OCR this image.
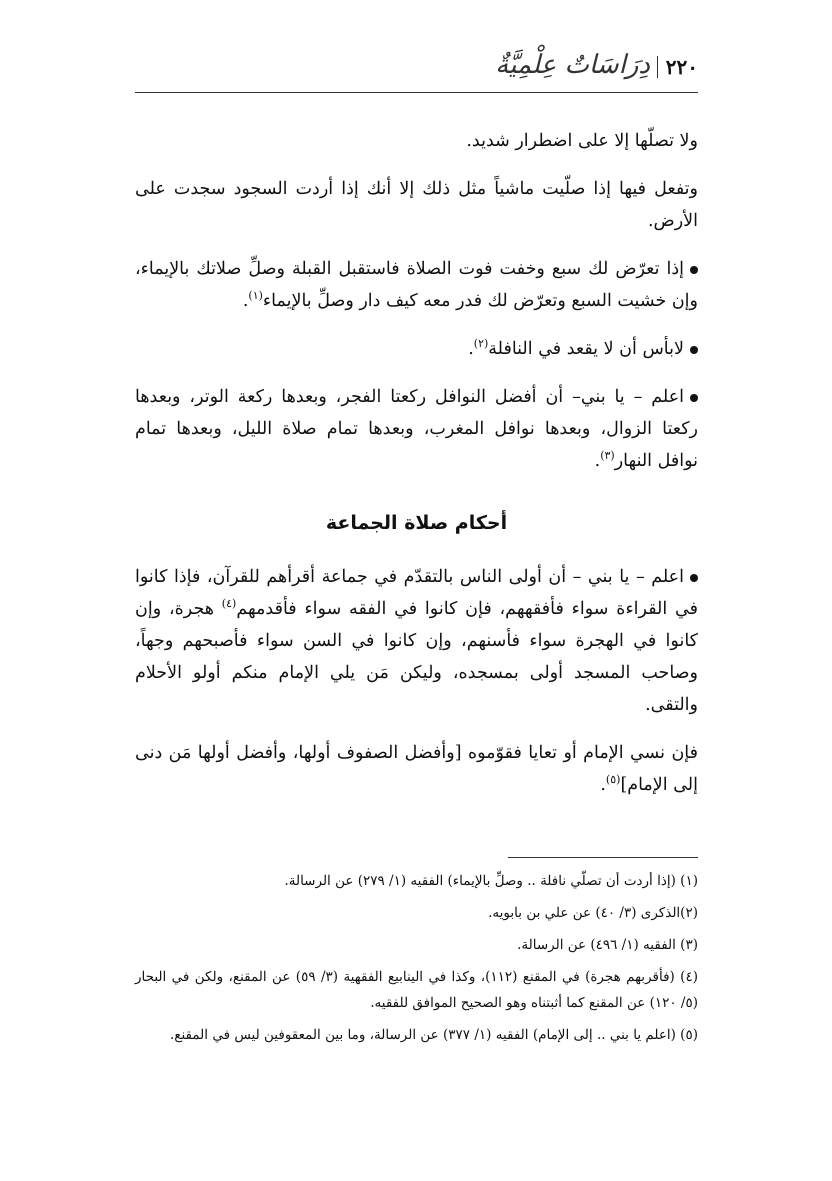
٢٢٠
دِرَاسَاتٌ عِلْمِيَّةٌ

ولا تصلّها إلا على اضطرار شديد.

وتفعل فيها إذا صلّيت ماشياً مثل ذلك إلا أنك إذا أردت السجود سجدت على الأرض.

إذا تعرّض لك سبع وخفت فوت الصلاة فاستقبل القبلة وصلِّ صلاتك بالإيماء، وإن خشيت السبع وتعرّض لك فدر معه كيف دار وصلِّ بالإيماء$^{(١)}$.

لابأس أن لا يقعد في النافلة$^{(٢)}$.

اعلم – يا بني– أن أفضل النوافل ركعتا الفجر، وبعدها ركعة الوتر، وبعدها ركعتا الزوال، وبعدها نوافل المغرب، وبعدها تمام صلاة الليل، وبعدها تمام نوافل النهار$^{(٣)}$.

أحكام صلاة الجماعة

اعلم – يا بني – أن أولى الناس بالتقدّم في جماعة أقرأهم للقرآن، فإذا كانوا في القراءة سواء فأفقههم، فإن كانوا في الفقه سواء فأقدمهم$^{(٤)}$ هجرة، وإن كانوا في الهجرة سواء فأسنهم، وإن كانوا في السن سواء فأصبحهم وجهاً، وصاحب المسجد أولى بمسجده، وليكن مَن يلي الإمام منكم أولو الأحلام والتقى.

فإن نسي الإمام أو تعايا فقوّموه [وأفضل الصفوف أولها، وأفضل أولها مَن دنى إلى الإمام]$^{(٥)}$.

(١) (إذا أردت أن تصلّي نافلة .. وصلِّ بالإيماء) الفقيه (١/ ٢٧٩) عن الرسالة.

(٢)الذكرى (٣/ ٤٠) عن علي بن بابويه.

(٣) الفقيه (١/ ٤٩٦) عن الرسالة.

(٤) (فأقربهم هجرة) في المقنع (١١٢)، وكذا في الينابيع الفقهية (٣/ ٥٩) عن المقنع، ولكن في البحار (٥/ ١٢٠) عن المقنع كما أثبتناه وهو الصحيح الموافق للفقيه.

(٥) (اعلم يا بني .. إلى الإمام) الفقيه (١/ ٣٧٧) عن الرسالة، وما بين المعقوفين ليس في المقنع.
